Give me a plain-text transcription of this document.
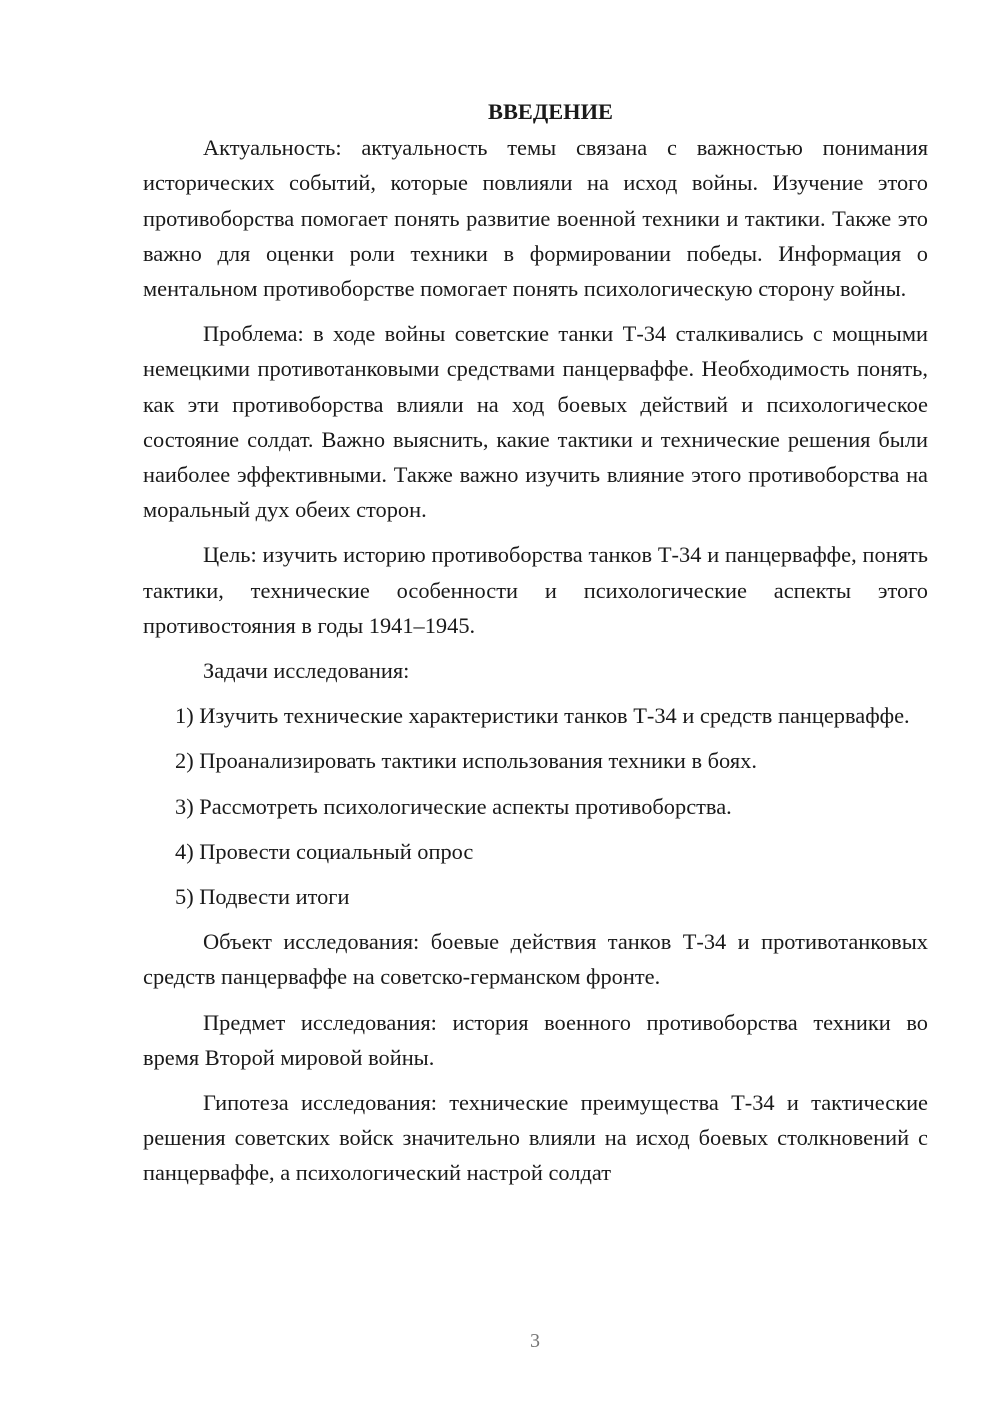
ВВЕДЕНИЕ

Актуальность: актуальность темы связана с важностью понимания исторических событий, которые повлияли на исход войны. Изучение этого противоборства помогает понять развитие военной техники и тактики. Также это важно для оценки роли техники в формировании победы. Информация о ментальном противоборстве помогает понять психологическую сторону войны.

Проблема: в ходе войны советские танки Т-34 сталкивались с мощными немецкими противотанковыми средствами панцерваффе. Необходимость понять, как эти противоборства влияли на ход боевых действий и психологическое состояние солдат. Важно выяснить, какие тактики и технические решения были наиболее эффективными. Также важно изучить влияние этого противоборства на моральный дух обеих сторон.

Цель: изучить историю противоборства танков Т-34 и панцерваффе, понять тактики, технические особенности и психологические аспекты этого противостояния в годы 1941–1945.

Задачи исследования:

1) Изучить технические характеристики танков Т-34 и средств панцерваффе.

2) Проанализировать тактики использования техники в боях.

3) Рассмотреть психологические аспекты противоборства.

4) Провести социальный опрос

5) Подвести итоги

Объект исследования: боевые действия танков Т-34 и противотанковых средств панцерваффе на советско-германском фронте.

Предмет исследования: история военного противоборства техники во время Второй мировой войны.

Гипотеза исследования: технические преимущества Т-34 и тактические решения советских войск значительно влияли на исход боевых столкновений с панцерваффе, а психологический настрой солдат

3
